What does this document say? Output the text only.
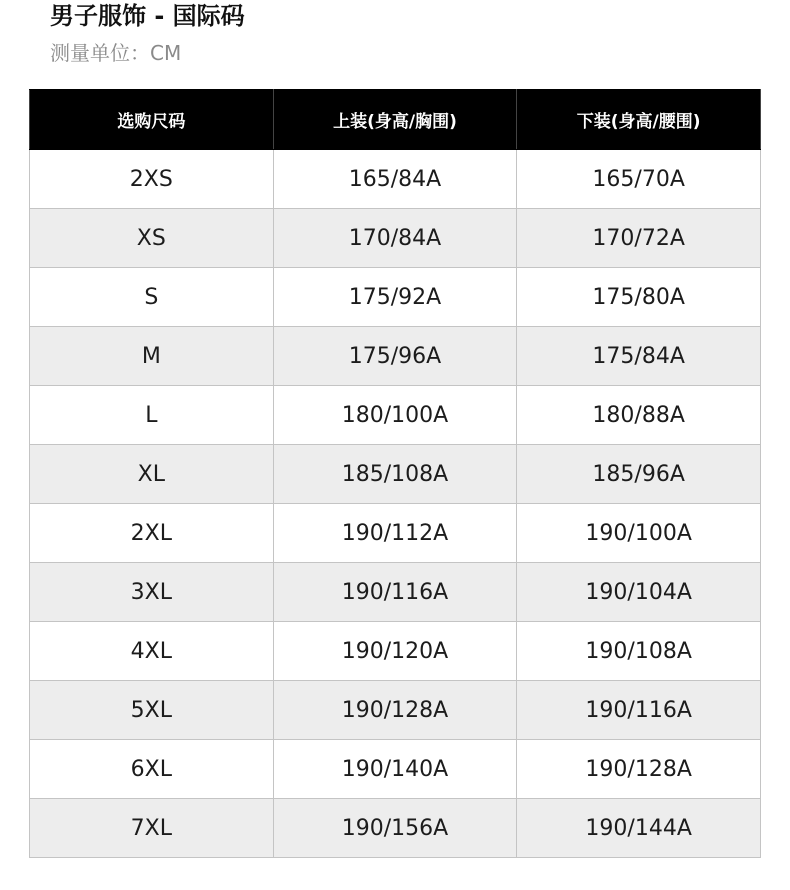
男子服饰 - 国际码
测量单位：CM
选购尺码	上装(身高/胸围)	下装(身高/腰围)
2XS	165/84A	165/70A
XS	170/84A	170/72A
S	175/92A	175/80A
M	175/96A	175/84A
L	180/100A	180/88A
XL	185/108A	185/96A
2XL	190/112A	190/100A
3XL	190/116A	190/104A
4XL	190/120A	190/108A
5XL	190/128A	190/116A
6XL	190/140A	190/128A
7XL	190/156A	190/144A
